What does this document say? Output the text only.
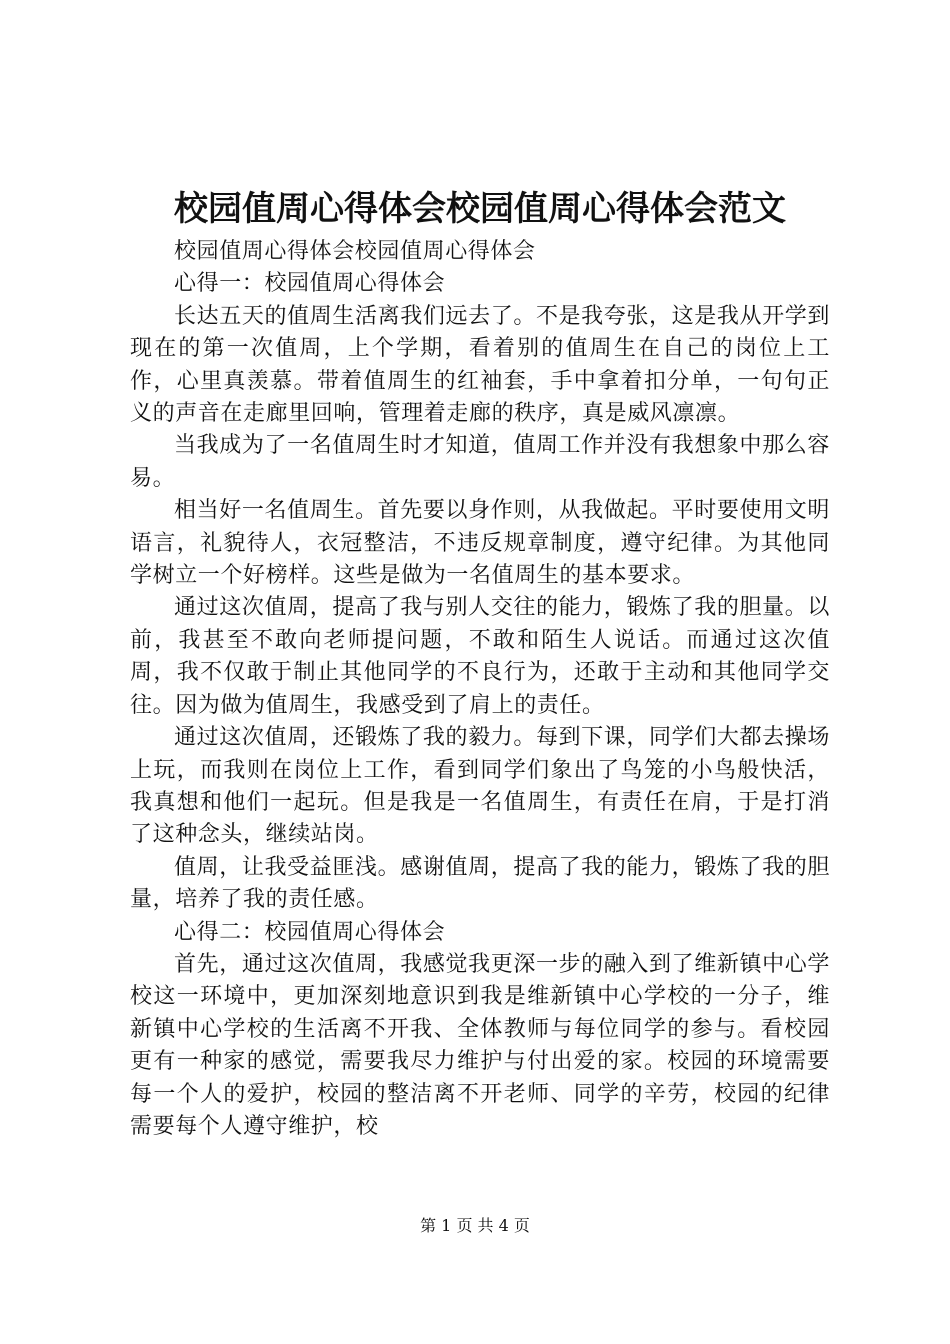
校园值周心得体会校园值周心得体会范文

校园值周心得体会校园值周心得体会

心得一：校园值周心得体会

长达五天的值周生活离我们远去了。不是我夸张，这是我从开学到现在的第一次值周，上个学期，看着别的值周生在自己的岗位上工作，心里真羡慕。带着值周生的红袖套，手中拿着扣分单，一句句正义的声音在走廊里回响，管理着走廊的秩序，真是威风凛凛。

当我成为了一名值周生时才知道，值周工作并没有我想象中那么容易。

相当好一名值周生。首先要以身作则，从我做起。平时要使用文明语言，礼貌待人，衣冠整洁，不违反规章制度，遵守纪律。为其他同学树立一个好榜样。这些是做为一名值周生的基本要求。

通过这次值周，提高了我与别人交往的能力，锻炼了我的胆量。以前，我甚至不敢向老师提问题，不敢和陌生人说话。而通过这次值周，我不仅敢于制止其他同学的不良行为，还敢于主动和其他同学交往。因为做为值周生，我感受到了肩上的责任。

通过这次值周，还锻炼了我的毅力。每到下课，同学们大都去操场上玩，而我则在岗位上工作，看到同学们象出了鸟笼的小鸟般快活，我真想和他们一起玩。但是我是一名值周生，有责任在肩，于是打消了这种念头，继续站岗。

值周，让我受益匪浅。感谢值周，提高了我的能力，锻炼了我的胆量，培养了我的责任感。

心得二：校园值周心得体会

首先，通过这次值周，我感觉我更深一步的融入到了维新镇中心学校这一环境中，更加深刻地意识到我是维新镇中心学校的一分子，维新镇中心学校的生活离不开我、全体教师与每位同学的参与。看校园更有一种家的感觉，需要我尽力维护与付出爱的家。校园的环境需要每一个人的爱护，校园的整洁离不开老师、同学的辛劳，校园的纪律需要每个人遵守维护，校

第 1 页 共 4 页
